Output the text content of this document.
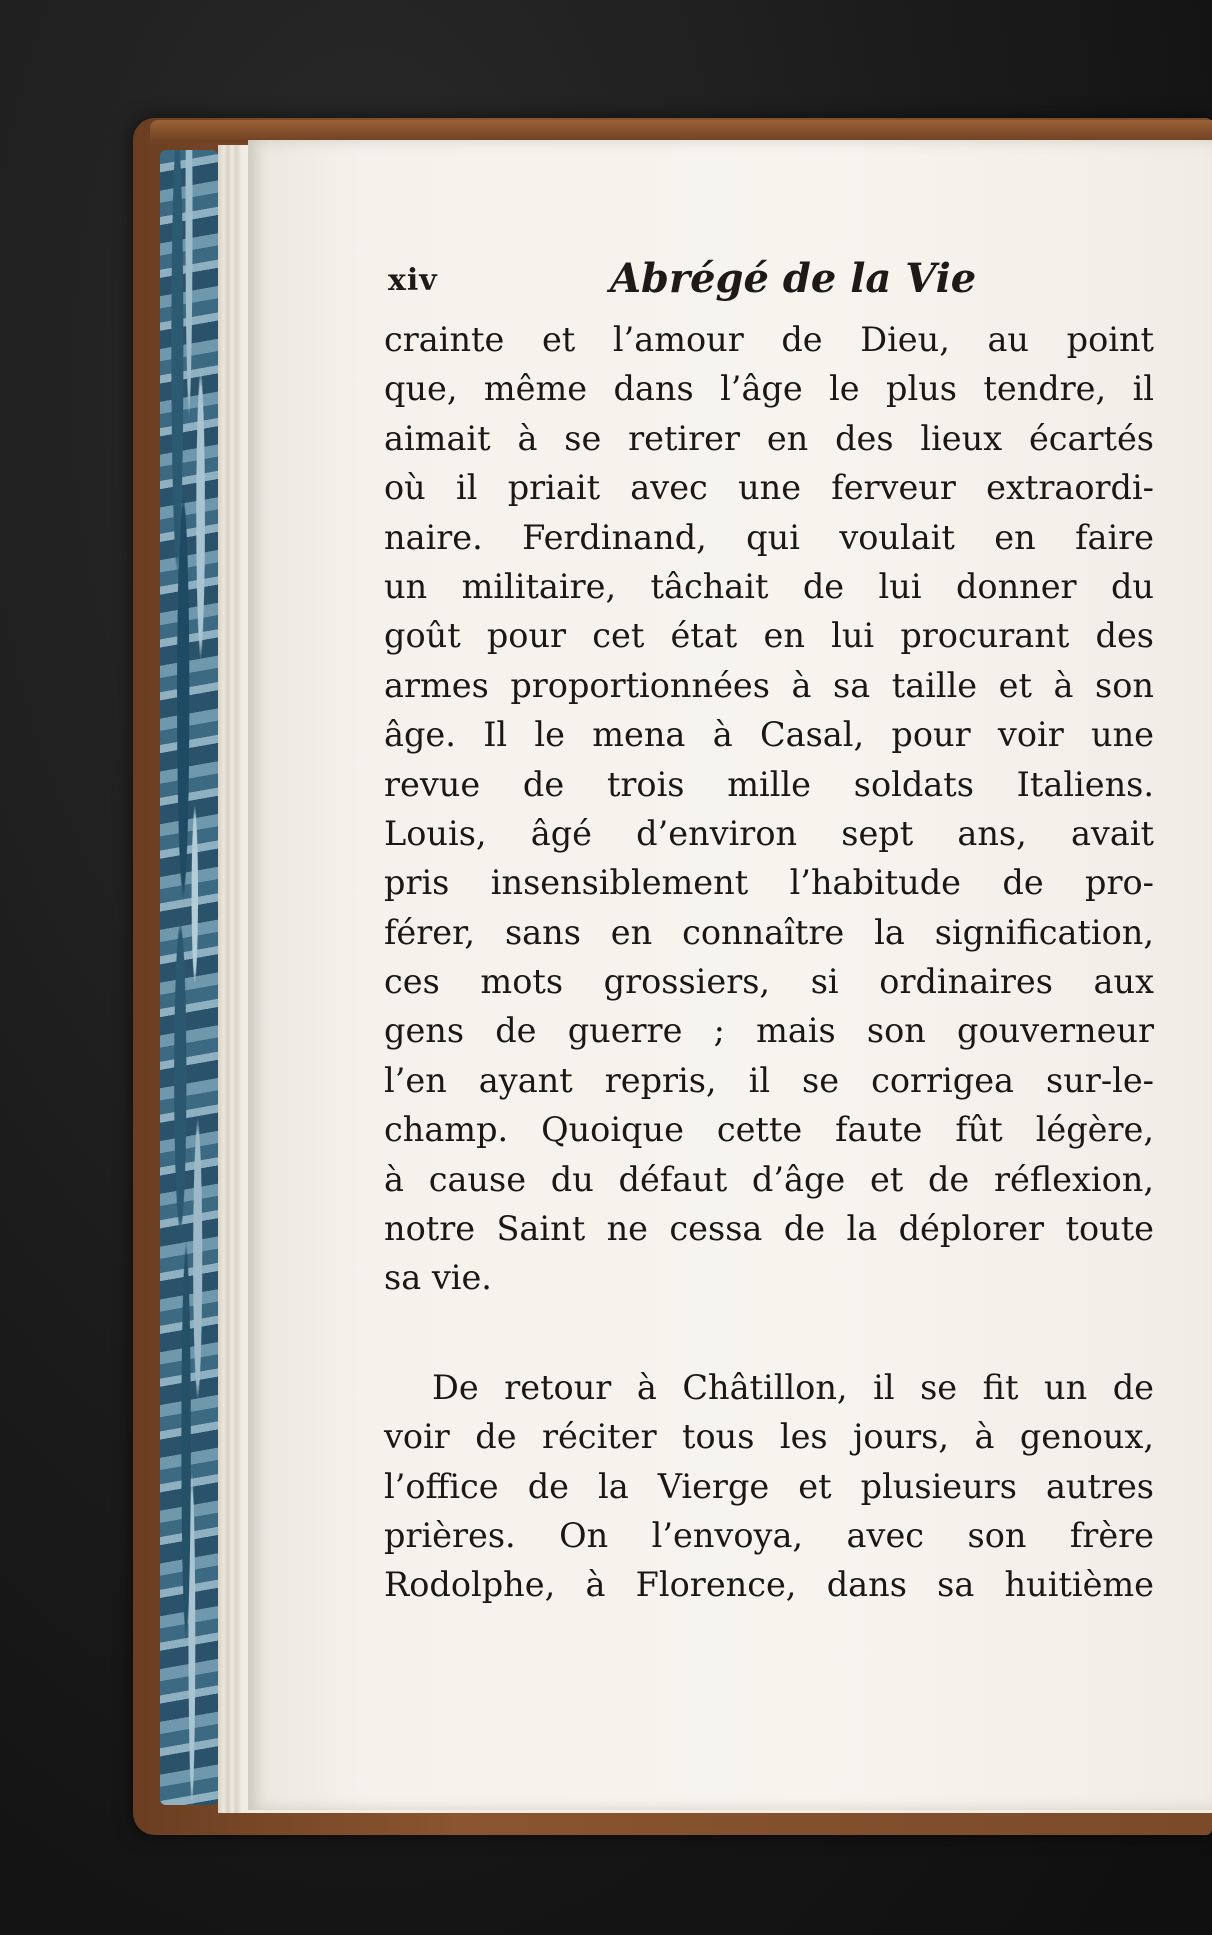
xiv	Abrégé de la Vie
crainte et l’amour de Dieu, au point
que, même dans l’âge le plus tendre, il
aimait à se retirer en des lieux écartés
où il priait avec une ferveur extraordi-
naire. Ferdinand, qui voulait en faire
un militaire, tâchait de lui donner du
goût pour cet état en lui procurant des
armes proportionnées à sa taille et à son
âge. Il le mena à Casal, pour voir une
revue de trois mille soldats Italiens.
Louis, âgé d’environ sept ans, avait
pris insensiblement l’habitude de pro-
férer, sans en connaître la signification,
ces mots grossiers, si ordinaires aux
gens de guerre ; mais son gouverneur
l’en ayant repris, il se corrigea sur-le-
champ. Quoique cette faute fût légère,
à cause du défaut d’âge et de réflexion,
notre Saint ne cessa de la déplorer toute
sa vie.
De retour à Châtillon, il se fit un de
voir de réciter tous les jours, à genoux,
l’office de la Vierge et plusieurs autres
prières. On l’envoya, avec son frère
Rodolphe, à Florence, dans sa huitième
